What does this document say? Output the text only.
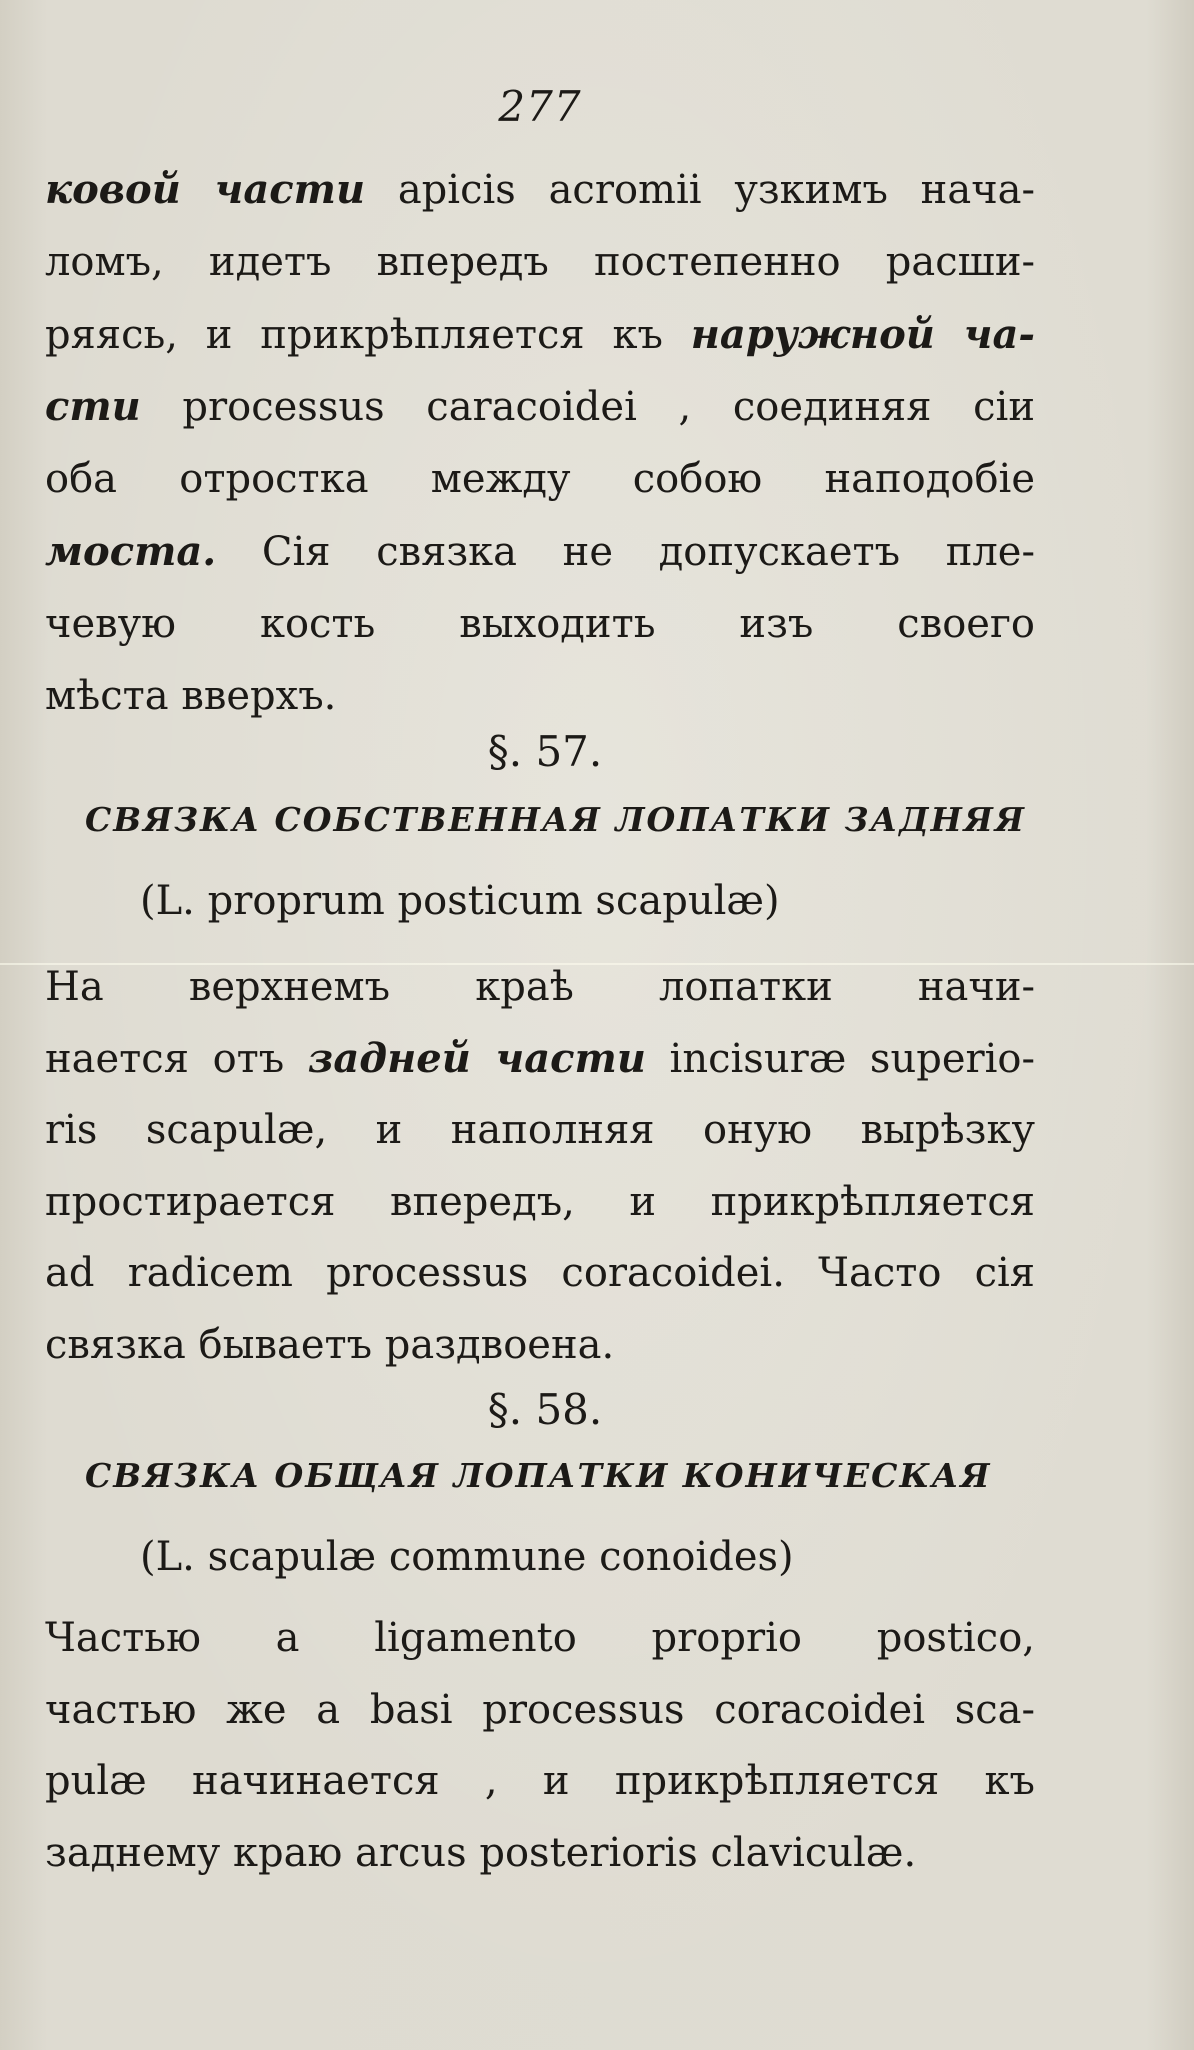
277
ковой части apicis acromii узкимъ нача-
ломъ, идетъ впередъ постепенно расши-
ряясь, и прикрѣпляется къ наружной ча-
сти processus caracoidei , соединяя сіи
оба отростка между собою наподобіе
моста. Сія связка не допускаетъ пле-
чевую кость выходить изъ своего
мѣста вверхъ.
§. 57.
СВЯЗКА СОБСТВЕННАЯ ЛОПАТКИ ЗАДНЯЯ
(L. proprum posticum scapulæ)
На верхнемъ краѣ лопатки начи-
нается отъ задней части incisuræ superio-
ris scapulæ, и наполняя оную вырѣзку
простирается впередъ, и прикрѣпляется
ad radicem processus coracoidei. Часто сія
связка бываетъ раздвоена.
§. 58.
СВЯЗКА ОБЩАЯ ЛОПАТКИ КОНИЧЕСКАЯ
(L. scapulæ commune conoides)
Частью a ligamento proprio postico,
частью же a basi processus coracoidei sca-
pulæ начинается , и прикрѣпляется къ
заднему краю arcus posterioris claviculæ.
